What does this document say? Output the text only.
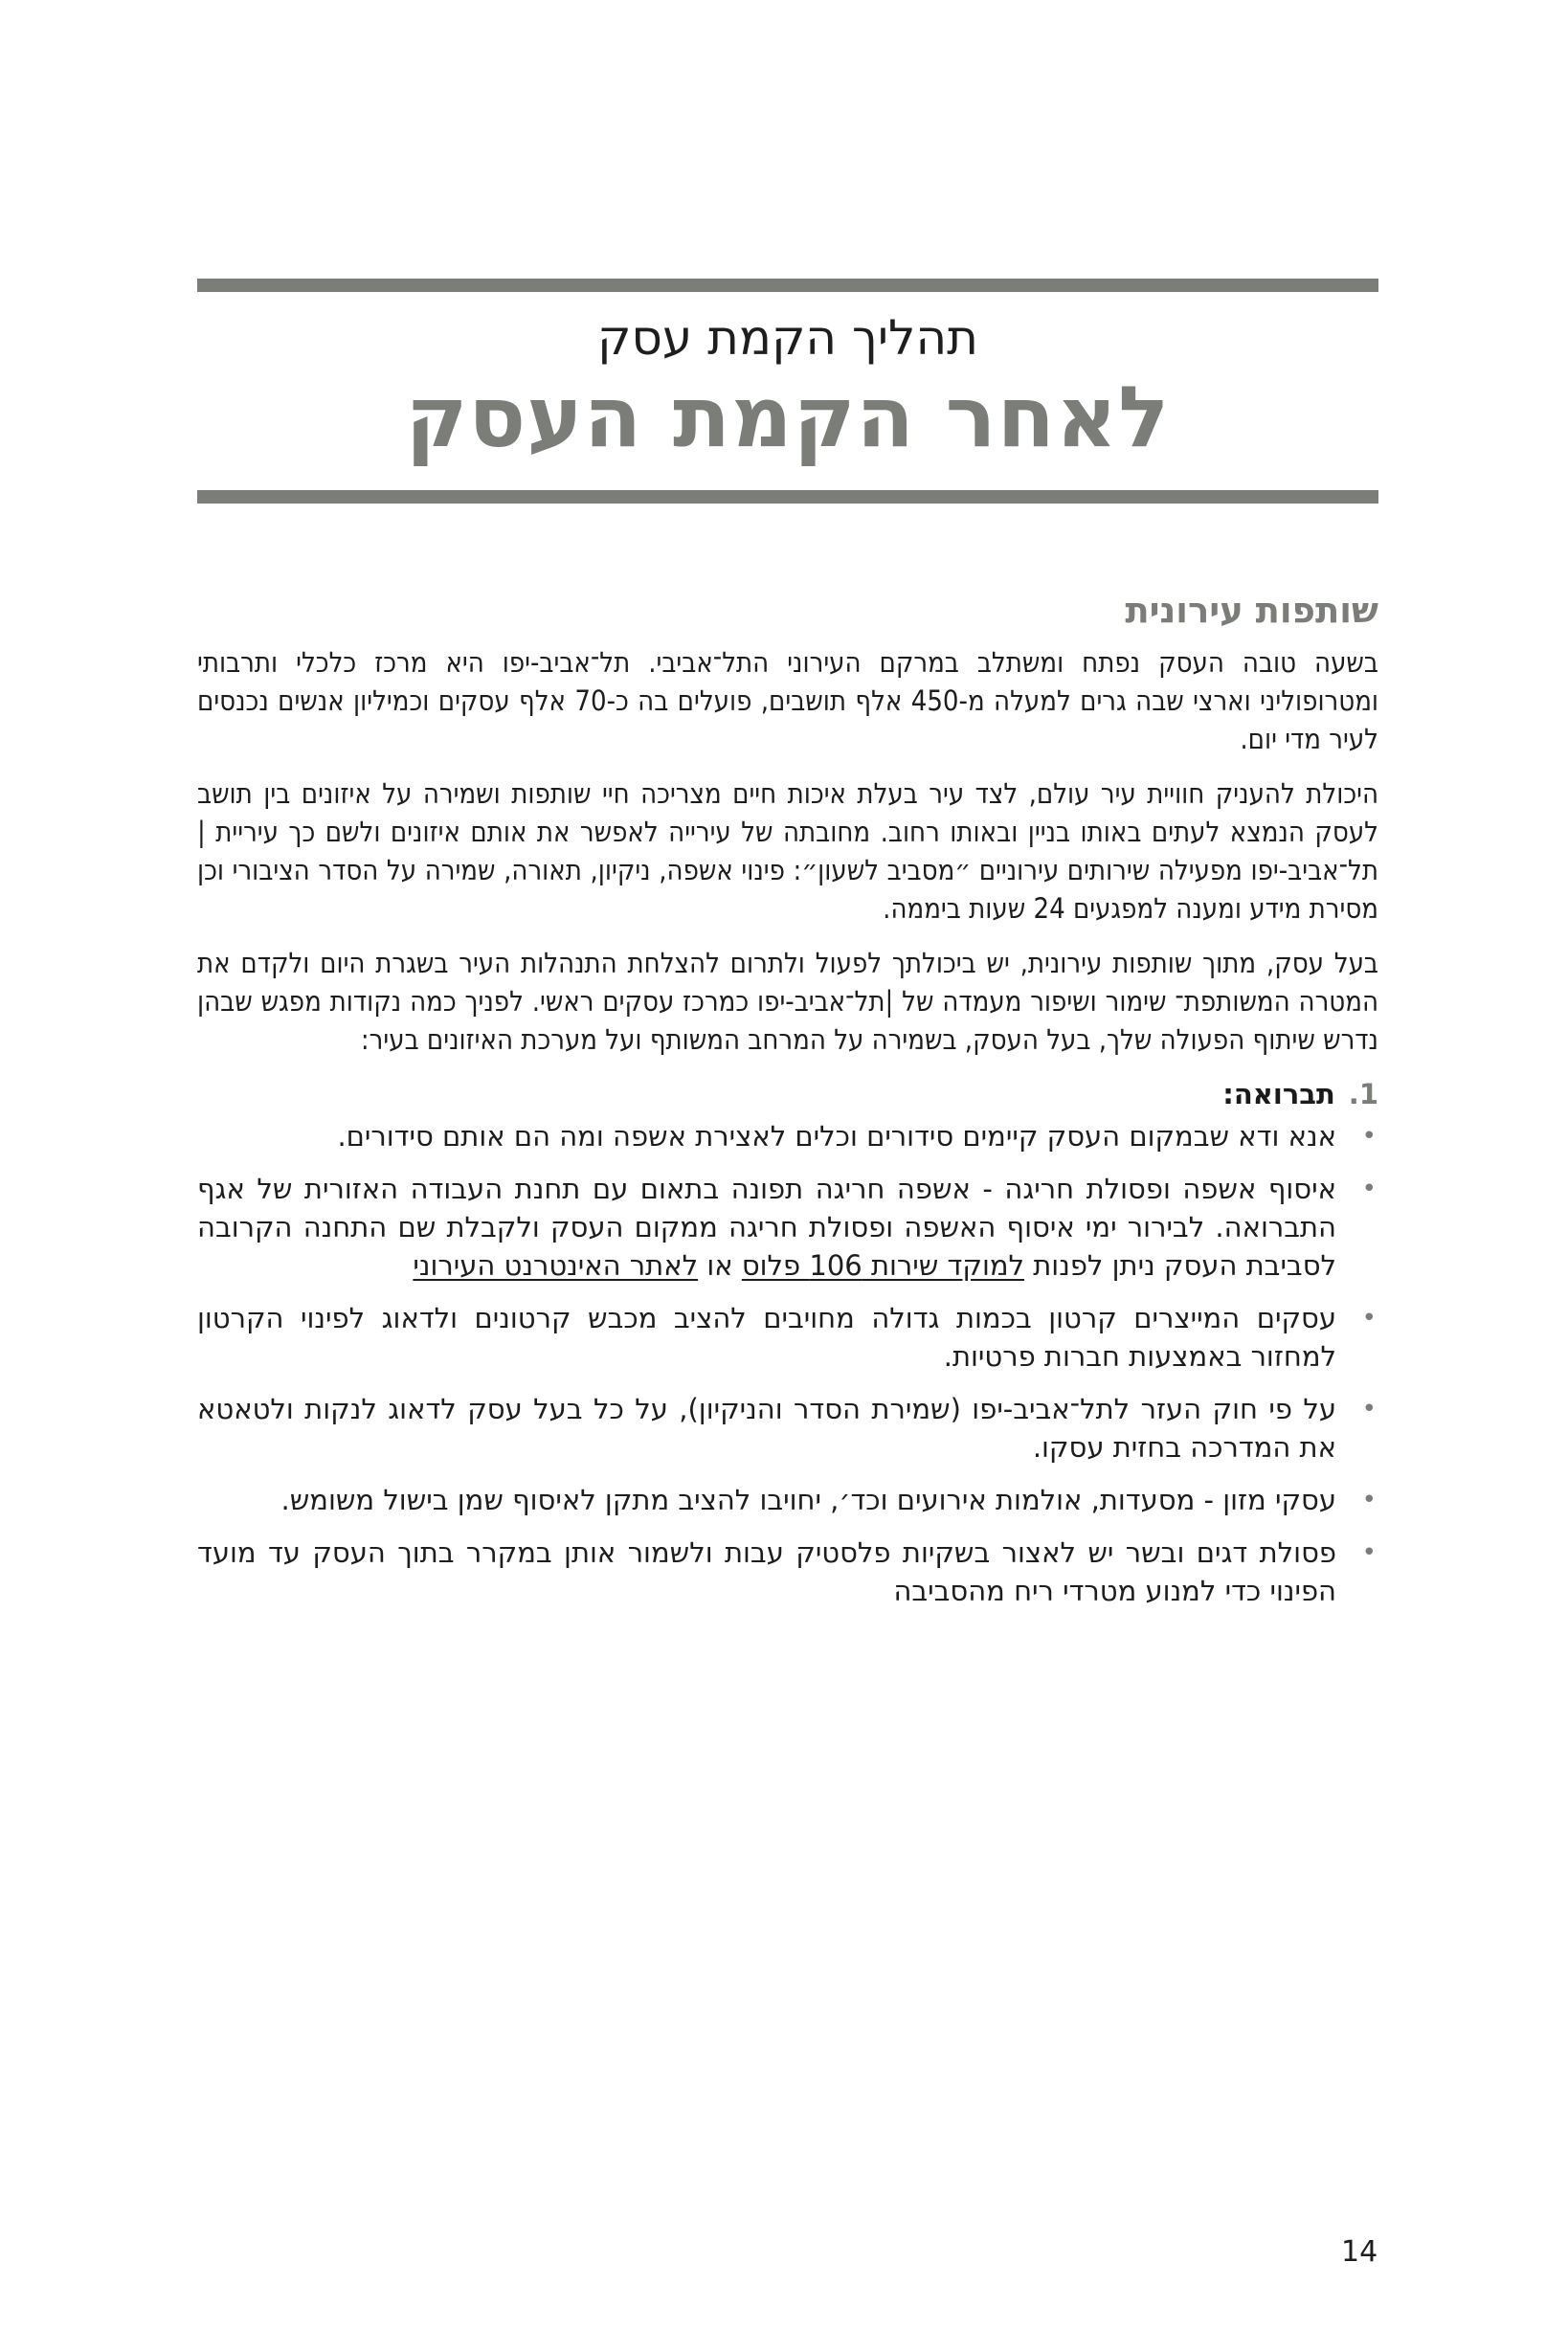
תהליך הקמת עסק
לאחר הקמת העסק
שותפות עירונית

בשעה טובה העסק נפתח ומשתלב במרקם העירוני התל־אביבי. תל־אביב-יפו היא מרכז כלכלי ותרבותי ומטרופוליני וארצי שבה גרים למעלה מ-450 אלף תושבים, פועלים בה כ-70 אלף עסקים וכמיליון אנשים נכנסים לעיר מדי יום.

היכולת להעניק חוויית עיר עולם, לצד עיר בעלת איכות חיים מצריכה חיי שותפות ושמירה על איזונים בין תושב לעסק הנמצא לעתים באותו בניין ובאותו רחוב. מחובתה של עירייה לאפשר את אותם איזונים ולשם כך עיריית |תל־אביב-יפו מפעילה שירותים עירוניים ״מסביב לשעון״: פינוי אשפה, ניקיון, תאורה, שמירה על הסדר הציבורי וכן מסירת מידע ומענה למפגעים 24 שעות ביממה.

בעל עסק, מתוך שותפות עירונית, יש ביכולתך לפעול ולתרום להצלחת התנהלות העיר בשגרת היום ולקדם את המטרה המשותפת־ שימור ושיפור מעמדה של |תל־אביב-יפו כמרכז עסקים ראשי. לפניך כמה נקודות מפגש שבהן נדרש שיתוף הפעולה שלך, בעל העסק, בשמירה על המרחב המשותף ועל מערכת האיזונים בעיר:

1.
תברואה:
•
אנא ודא שבמקום העסק קיימים סידורים וכלים לאצירת אשפה ומה הם אותם סידורים.
•
איסוף אשפה ופסולת חריגה - אשפה חריגה תפונה בתאום עם תחנת העבודה האזורית של אגף התברואה. לבירור ימי איסוף האשפה ופסולת חריגה ממקום העסק ולקבלת שם התחנה הקרובה לסביבת העסק ניתן לפנות למוקד שירות 106 פלוס או לאתר האינטרנט העירוני
•
עסקים המייצרים קרטון בכמות גדולה מחויבים להציב מכבש קרטונים ולדאוג לפינוי הקרטון למחזור באמצעות חברות פרטיות.
•
על פי חוק העזר לתל־אביב-יפו (שמירת הסדר והניקיון), על כל בעל עסק לדאוג לנקות ולטאטא את המדרכה בחזית עסקו.
•
עסקי מזון - מסעדות, אולמות אירועים וכד׳, יחויבו להציב מתקן לאיסוף שמן בישול משומש.
•
פסולת דגים ובשר יש לאצור בשקיות פלסטיק עבות ולשמור אותן במקרר בתוך העסק עד מועד הפינוי כדי למנוע מטרדי ריח מהסביבה
14
